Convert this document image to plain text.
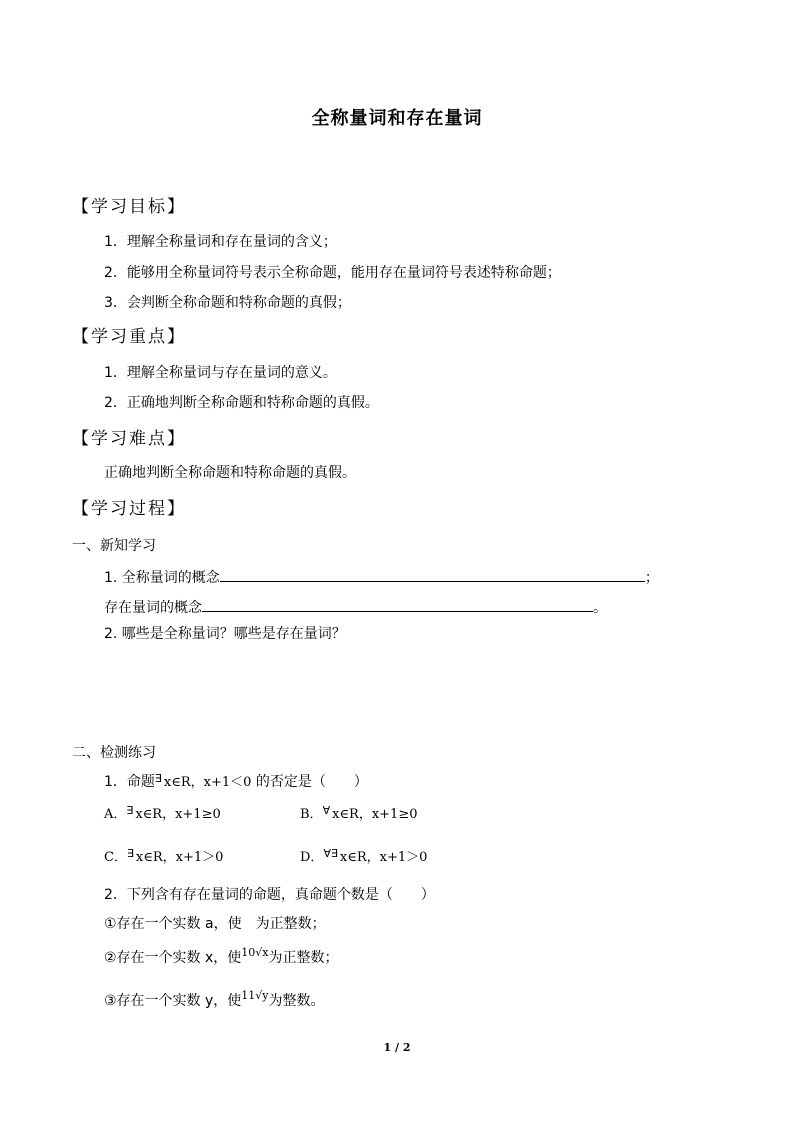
全称量词和存在量词
【学习目标】
1．理解全称量词和存在量词的含义；
2．能够用全称量词符号表示全称命题，能用存在量词符号表述特称命题；
3．会判断全称命题和特称命题的真假；
【学习重点】
1．理解全称量词与存在量词的意义。
2．正确地判断全称命题和特称命题的真假。
【学习难点】
正确地判断全称命题和特称命题的真假。
【学习过程】
一、新知学习
1. 全称量词的概念	；
存在量词的概念	。
2. 哪些是全称量词？哪些是存在量词？
二、检测练习
1．命题∃ x∈R，x+1＜0 的否定是（　　）
A．∃ x∈R，x+1≥0	B．∀ x∈R，x+1≥0
C．∃ x∈R，x+1＞0	D．∀∃ x∈R，x+1＞0
2．下列含有存在量词的命题，真命题个数是（　　）
①存在一个实数 a，使　为正整数；
②存在一个实数 x，使$^{10√x}$为正整数；
③存在一个实数 y，使$^{11√y}$为整数。
1 / 2
